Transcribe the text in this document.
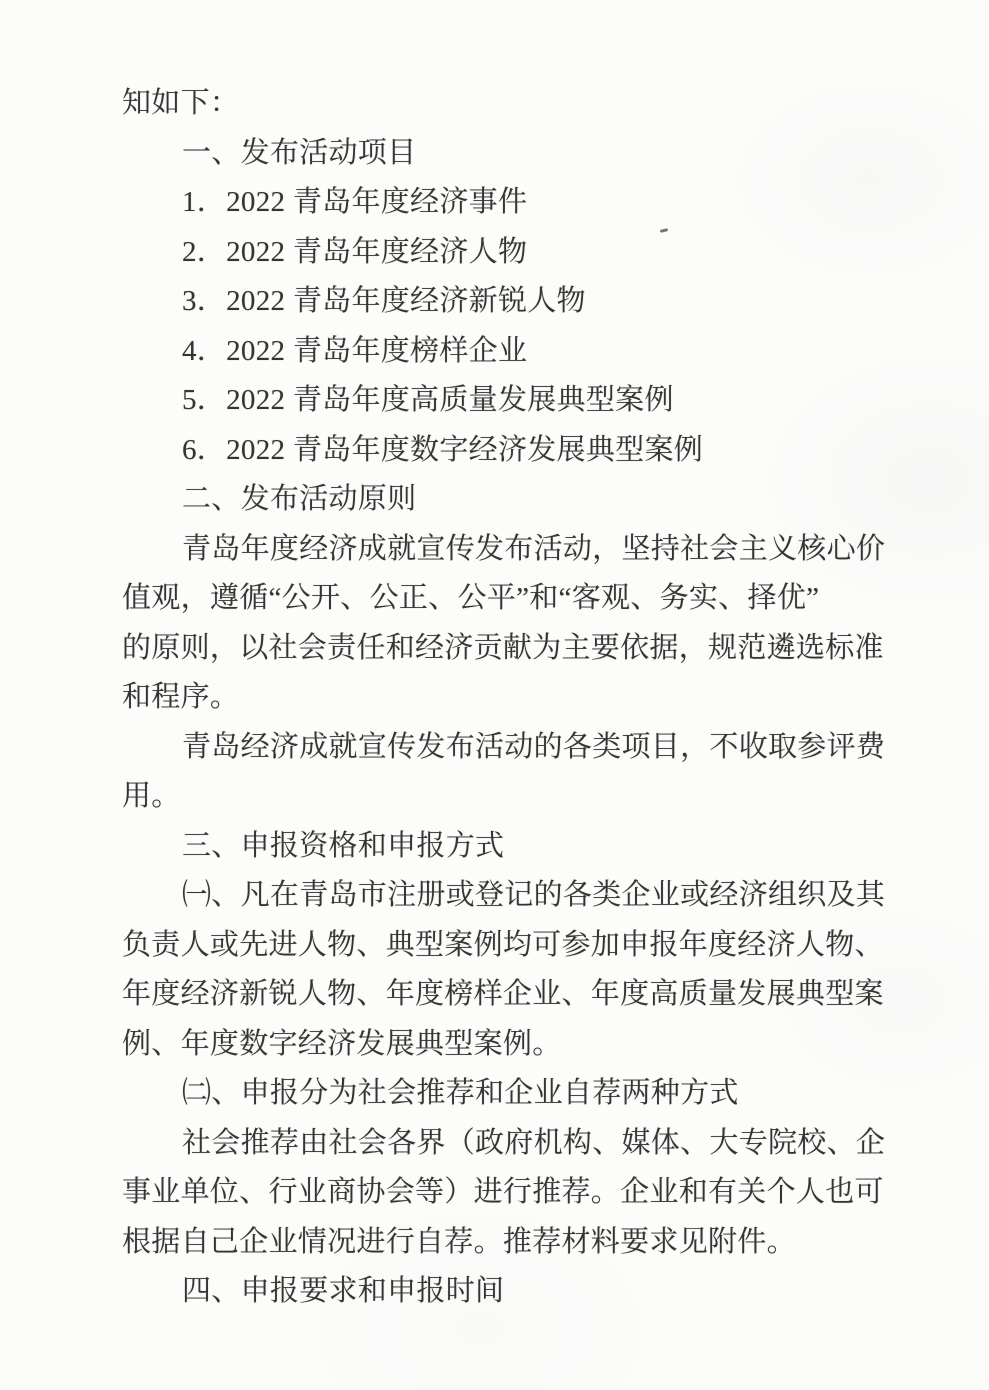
知如下：
一、发布活动项目
1．2022 青岛年度经济事件
2．2022 青岛年度经济人物
3．2022 青岛年度经济新锐人物
4．2022 青岛年度榜样企业
5．2022 青岛年度高质量发展典型案例
6．2022 青岛年度数字经济发展典型案例
二、发布活动原则
青岛年度经济成就宣传发布活动，坚持社会主义核心价
值观，遵循“公开、公正、公平”和“客观、务实、择优”
的原则，以社会责任和经济贡献为主要依据，规范遴选标准
和程序。
青岛经济成就宣传发布活动的各类项目，不收取参评费
用。
三、申报资格和申报方式
㈠、凡在青岛市注册或登记的各类企业或经济组织及其
负责人或先进人物、典型案例均可参加申报年度经济人物、
年度经济新锐人物、年度榜样企业、年度高质量发展典型案
例、年度数字经济发展典型案例。
㈡、申报分为社会推荐和企业自荐两种方式
社会推荐由社会各界（政府机构、媒体、大专院校、企
事业单位、行业商协会等）进行推荐。企业和有关个人也可
根据自己企业情况进行自荐。推荐材料要求见附件。
四、申报要求和申报时间
